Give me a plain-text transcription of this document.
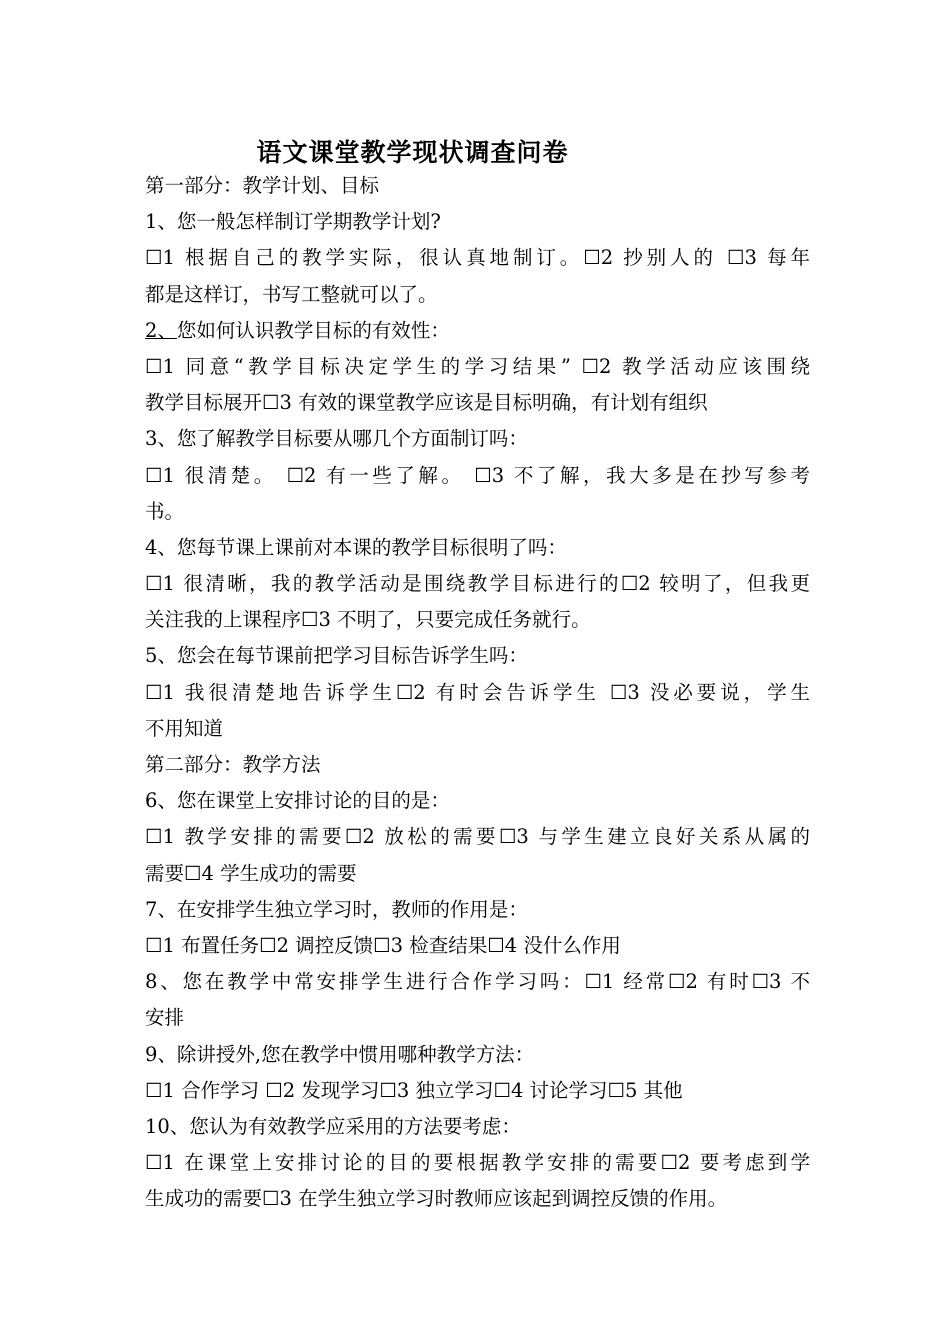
语文课堂教学现状调查问卷
第一部分：教学计划、目标
1、您一般怎样制订学期教学计划?
☐1 根据自己的教学实际，很认真地制订。☐2 抄别人的 ☐3 每年
都是这样订，书写工整就可以了。
2、您如何认识教学目标的有效性：
☐1 同意“教学目标决定学生的学习结果” ☐2 教学活动应该围绕
教学目标展开☐3 有效的课堂教学应该是目标明确，有计划有组织
3、您了解教学目标要从哪几个方面制订吗：
☐1 很清楚。 ☐2 有一些了解。 ☐3 不了解，我大多是在抄写参考
书。
4、您每节课上课前对本课的教学目标很明了吗：
☐1 很清晰，我的教学活动是围绕教学目标进行的☐2 较明了，但我更
关注我的上课程序☐3 不明了，只要完成任务就行。
5、您会在每节课前把学习目标告诉学生吗：
☐1 我很清楚地告诉学生☐2 有时会告诉学生 ☐3 没必要说，学生
不用知道
第二部分：教学方法
6、您在课堂上安排讨论的目的是：
☐1 教学安排的需要☐2 放松的需要☐3 与学生建立良好关系从属的
需要☐4 学生成功的需要
7、在安排学生独立学习时，教师的作用是：
☐1 布置任务☐2 调控反馈☐3 检查结果☐4 没什么作用
8、您在教学中常安排学生进行合作学习吗：☐1 经常☐2 有时☐3 不
安排
9、除讲授外,您在教学中惯用哪种教学方法：
☐1 合作学习 ☐2 发现学习☐3 独立学习☐4 讨论学习☐5 其他
10、您认为有效教学应采用的方法要考虑：
☐1 在课堂上安排讨论的目的要根据教学安排的需要☐2 要考虑到学
生成功的需要☐3 在学生独立学习时教师应该起到调控反馈的作用。
